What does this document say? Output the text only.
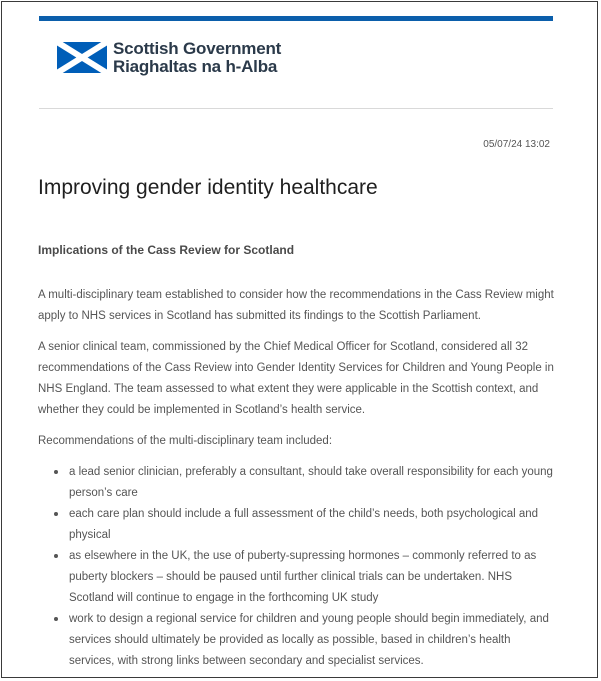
Scottish Government
Riaghaltas na h-Alba
05/07/24 13:02
Improving gender identity healthcare
Implications of the Cass Review for Scotland

A multi-disciplinary team established to consider how the recommendations in the Cass Review might apply to NHS services in Scotland has submitted its findings to the Scottish Parliament.

A senior clinical team, commissioned by the Chief Medical Officer for Scotland, considered all 32 recommendations of the Cass Review into Gender Identity Services for Children and Young People in NHS England. The team assessed to what extent they were applicable in the Scottish context, and whether they could be implemented in Scotland’s health service.

Recommendations of the multi-disciplinary team included:

a lead senior clinician, preferably a consultant, should take overall responsibility for each young person’s care
each care plan should include a full assessment of the child’s needs, both psychological and physical
as elsewhere in the UK, the use of puberty-supressing hormones – commonly referred to as puberty blockers – should be paused until further clinical trials can be undertaken. NHS Scotland will continue to engage in the forthcoming UK study
work to design a regional service for children and young people should begin immediately, and services should ultimately be provided as locally as possible, based in children’s health services, with strong links between secondary and specialist services.
